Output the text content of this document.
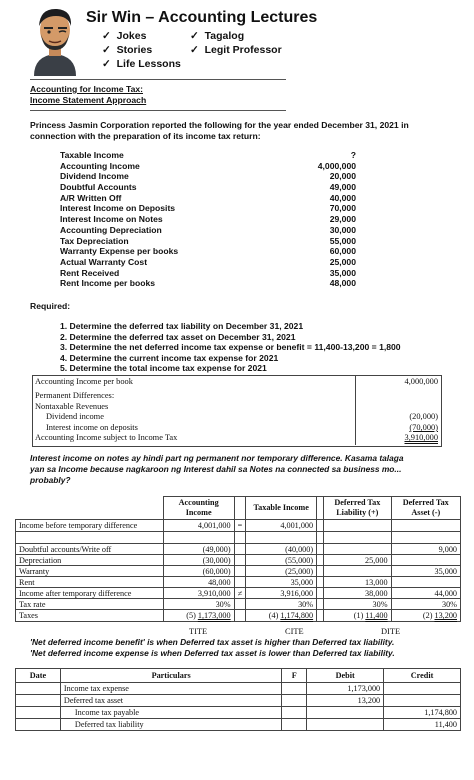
Sir Win – Accounting Lectures
✓  Jokes
✓  Stories
✓  Life Lessons
✓  Tagalog
✓  Legit Professor
Accounting for Income Tax:
Income Statement Approach
Princess Jasmin Corporation reported the following for the year ended December 31, 2021 in
connection with the preparation of its income tax return:
Taxable Income	?
Accounting Income	4,000,000
Dividend Income	20,000
Doubtful Accounts	49,000
A/R Written Off	40,000
Interest Income on Deposits	70,000
Interest Income on Notes	29,000
Accounting Depreciation	30,000
Tax Depreciation	55,000
Warranty Expense per books	60,000
Actual Warranty Cost	25,000
Rent Received	35,000
Rent Income per books	48,000
Required:
1. Determine the deferred tax liability on December 31, 2021
2. Determine the deferred tax asset on December 31, 2021
3. Determine the net deferred income tax expense or benefit = 11,400-13,200 = 1,800
4. Determine the current income tax expense for 2021
5. Determine the total income tax expense for 2021
Accounting Income per book	4,000,000
Permanent Differences:
Nontaxable Revenues
Dividend income	(20,000)
Interest income on deposits	(70,000)
Accounting Income subject to Income Tax	3,910,000
Interest income on notes ay hindi part ng permanent nor temporary difference. Kasama talaga
yan sa Income because nagkaroon ng Interest dahil sa Notes na connected sa business mo...
probably?
	Accounting Income		Taxable Income		Deferred Tax Liability (+)	Deferred Tax Asset (-)
Income before temporary difference	4,001,000	=	4,001,000			

Doubtful accounts/Write off	(49,000)		(40,000)			9,000
Depreciation	(30,000)		(55,000)		25,000	
Warranty	(60,000)		(25,000)			35,000
Rent	48,000		35,000		13,000	
Income after temporary difference	3,910,000	≠	3,916,000		38,000	44,000
Tax rate	30%		30%		30%	30%
Taxes	(5) 1,173,000		(4) 1,174,800		(1) 11,400	(2) 13,200
TITE	CITE	DITE
'Net deferred income benefit' is when Deferred tax asset is higher than Deferred tax liability.
'Net deferred income expense is when Deferred tax asset is lower than Deferred tax liability.
Date	Particulars	F	Debit	Credit
	Income tax expense		1,173,000	
	Deferred tax asset		13,200	
	Income tax payable			1,174,800
	Deferred tax liability			11,400
